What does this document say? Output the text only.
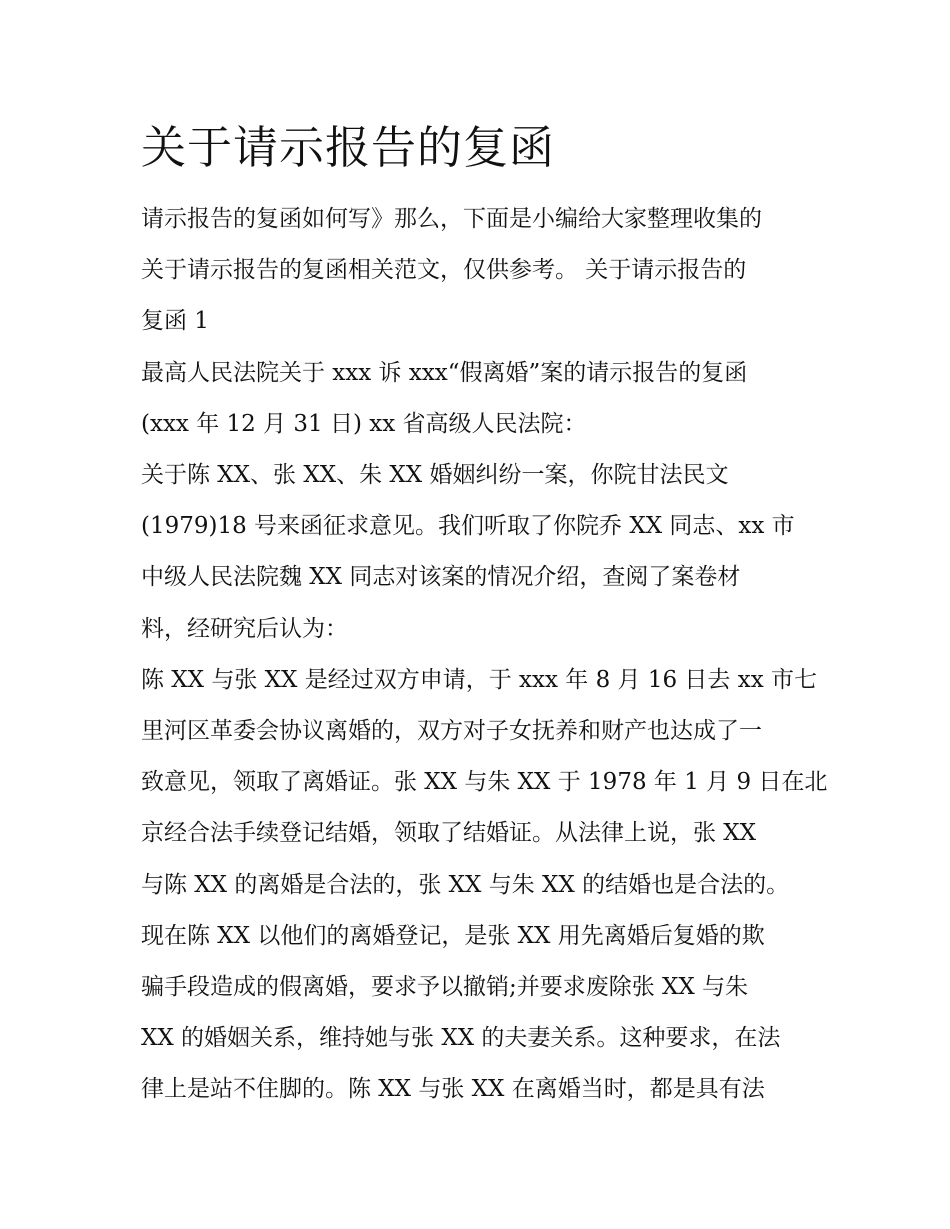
关于请示报告的复函

请示报告的复函如何写》那么，下面是小编给大家整理收集的
关于请示报告的复函相关范文，仅供参考。 关于请示报告的
复函 1

最高人民法院关于 xxx 诉 xxx“假离婚”案的请示报告的复函
(xxx 年 12 月 31 日) xx 省高级人民法院：

关于陈 XX、张 XX、朱 XX 婚姻纠纷一案，你院甘法民文
(1979)18 号来函征求意见。我们听取了你院乔 XX 同志、xx 市
中级人民法院魏 XX 同志对该案的情况介绍，查阅了案卷材
料，经研究后认为：

陈 XX 与张 XX 是经过双方申请，于 xxx 年 8 月 16 日去 xx 市七
里河区革委会协议离婚的，双方对子女抚养和财产也达成了一
致意见，领取了离婚证。张 XX 与朱 XX 于 1978 年 1 月 9 日在北
京经合法手续登记结婚，领取了结婚证。从法律上说，张 XX
与陈 XX 的离婚是合法的，张 XX 与朱 XX 的结婚也是合法的。
现在陈 XX 以他们的离婚登记，是张 XX 用先离婚后复婚的欺
骗手段造成的假离婚，要求予以撤销;并要求废除张 XX 与朱
XX 的婚姻关系，维持她与张 XX 的夫妻关系。这种要求，在法
律上是站不住脚的。陈 XX 与张 XX 在离婚当时，都是具有法
